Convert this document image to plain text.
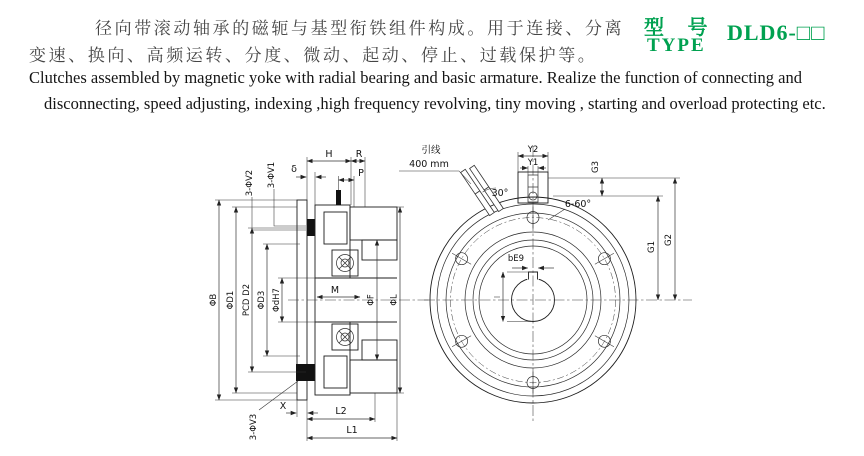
径向带滚动轴承的磁轭与基型衔铁组件构成。用于连接、分离
变速、换向、高频运转、分度、微动、起动、停止、过载保护等。
Clutches assembled by magnetic yoke with radial bearing and basic armature. Realize the function of connecting and
disconnecting, speed adjusting, indexing ,high frequency revolving, tiny moving , starting and overload protecting etc.
型 号
TYPE
DLD6-□□
ΦB ΦD1 PCD D2 ΦD3 ΦdH7
H R
P
δ
3-ΦV2 3-ΦV1
3-ΦV3
M
ΦF ΦL
X	L2
L1
引线
400 mm
30°
6-60°
Y2
Y1	G3
G1
G2
bE9
